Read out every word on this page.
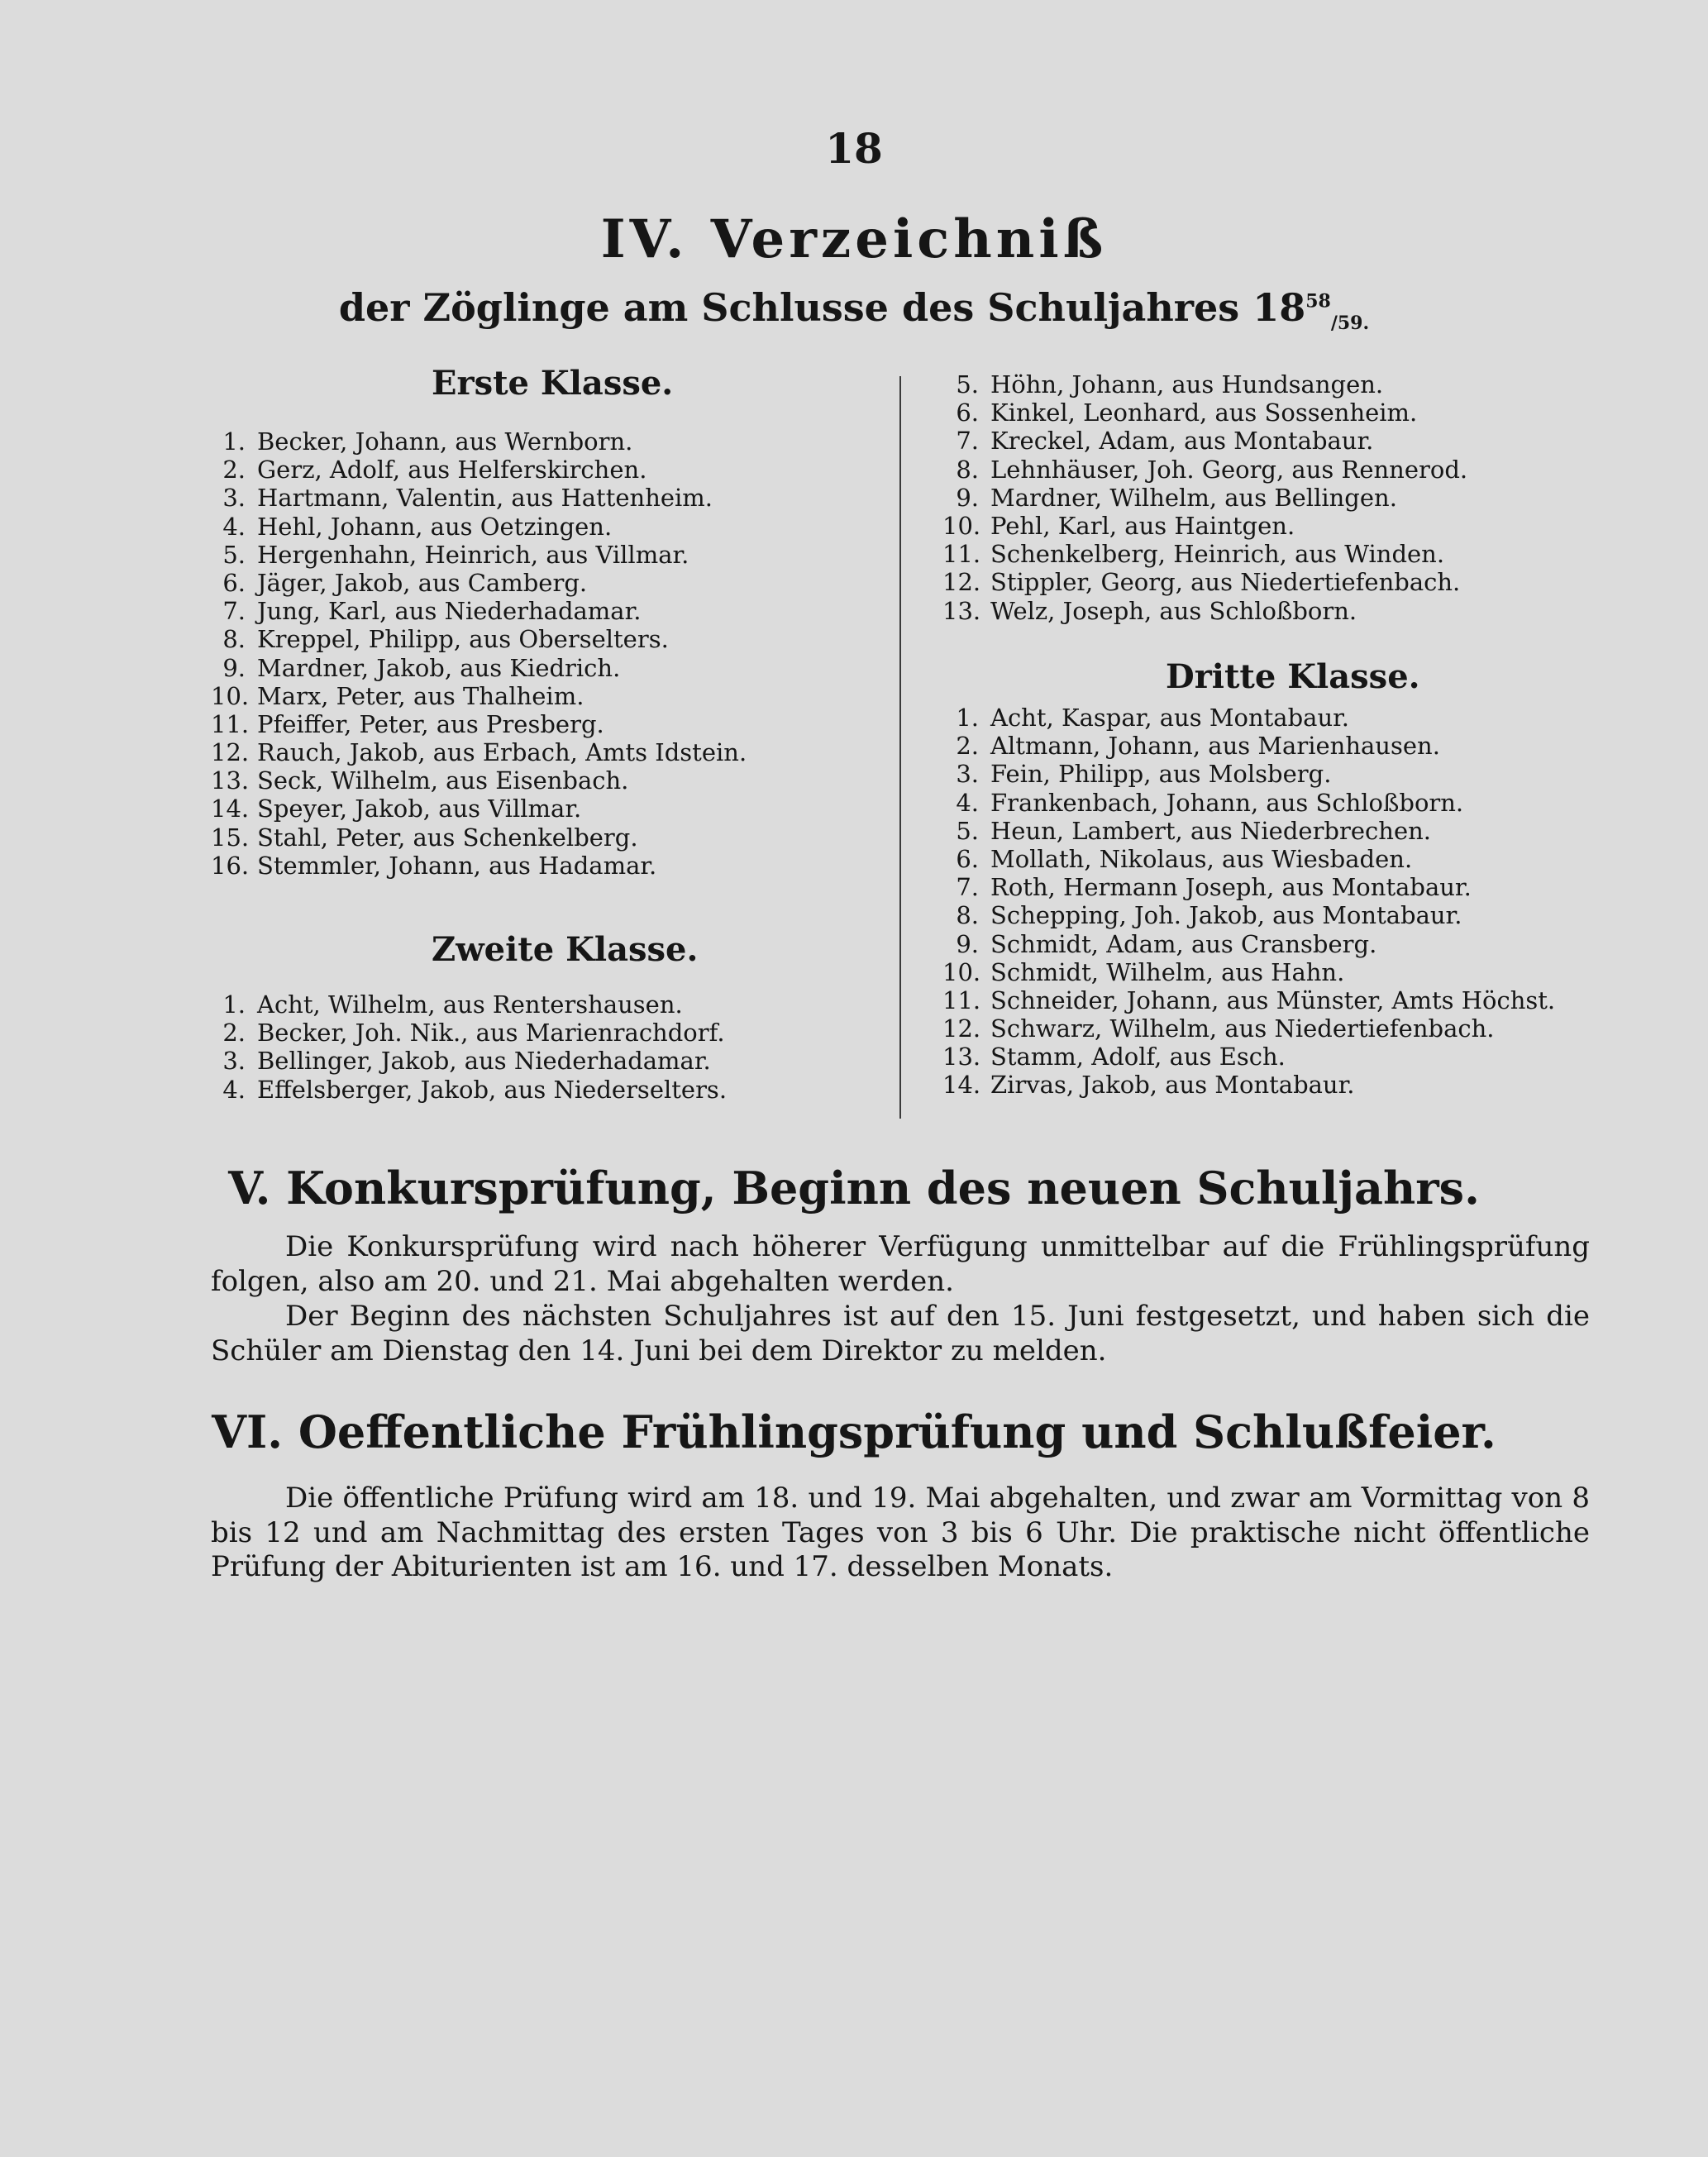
18
IV. Verzeichniß
der Zöglinge am Schlusse des Schuljahres $18^{58}_{/59.}$
Erste Klasse.
1. Becker, Johann, aus Wernborn.
2. Gerz, Adolf, aus Helferskirchen.
3. Hartmann, Valentin, aus Hattenheim.
4. Hehl, Johann, aus Oetzingen.
5. Hergenhahn, Heinrich, aus Villmar.
6. Jäger, Jakob, aus Camberg.
7. Jung, Karl, aus Niederhadamar.
8. Kreppel, Philipp, aus Oberselters.
9. Mardner, Jakob, aus Kiedrich.
10. Marx, Peter, aus Thalheim.
11. Pfeiffer, Peter, aus Presberg.
12. Rauch, Jakob, aus Erbach, Amts Idstein.
13. Seck, Wilhelm, aus Eisenbach.
14. Speyer, Jakob, aus Villmar.
15. Stahl, Peter, aus Schenkelberg.
16. Stemmler, Johann, aus Hadamar.
Zweite Klasse.
1. Acht, Wilhelm, aus Rentershausen.
2. Becker, Joh. Nik., aus Marienrachdorf.
3. Bellinger, Jakob, aus Niederhadamar.
4. Effelsberger, Jakob, aus Niederselters.
5. Höhn, Johann, aus Hundsangen.
6. Kinkel, Leonhard, aus Sossenheim.
7. Kreckel, Adam, aus Montabaur.
8. Lehnhäuser, Joh. Georg, aus Rennerod.
9. Mardner, Wilhelm, aus Bellingen.
10. Pehl, Karl, aus Haintgen.
11. Schenkelberg, Heinrich, aus Winden.
12. Stippler, Georg, aus Niedertiefenbach.
13. Welz, Joseph, aus Schloßborn.
Dritte Klasse.
1. Acht, Kaspar, aus Montabaur.
2. Altmann, Johann, aus Marienhausen.
3. Fein, Philipp, aus Molsberg.
4. Frankenbach, Johann, aus Schloßborn.
5. Heun, Lambert, aus Niederbrechen.
6. Mollath, Nikolaus, aus Wiesbaden.
7. Roth, Hermann Joseph, aus Montabaur.
8. Schepping, Joh. Jakob, aus Montabaur.
9. Schmidt, Adam, aus Cransberg.
10. Schmidt, Wilhelm, aus Hahn.
11. Schneider, Johann, aus Münster, Amts Höchst.
12. Schwarz, Wilhelm, aus Niedertiefenbach.
13. Stamm, Adolf, aus Esch.
14. Zirvas, Jakob, aus Montabaur.
V. Konkursprüfung, Beginn des neuen Schuljahrs.

Die Konkursprüfung wird nach höherer Verfügung unmittelbar auf die Frühlingsprüfung folgen, also am 20. und 21. Mai abgehalten werden.

Der Beginn des nächsten Schuljahres ist auf den 15. Juni festgesetzt, und haben sich die Schüler am Dienstag den 14. Juni bei dem Direktor zu melden.

VI. Oeffentliche Frühlingsprüfung und Schlußfeier.

Die öffentliche Prüfung wird am 18. und 19. Mai abgehalten, und zwar am Vormittag von 8 bis 12 und am Nachmittag des ersten Tages von 3 bis 6 Uhr. Die praktische nicht öffentliche Prüfung der Abiturienten ist am 16. und 17. desselben Monats.
